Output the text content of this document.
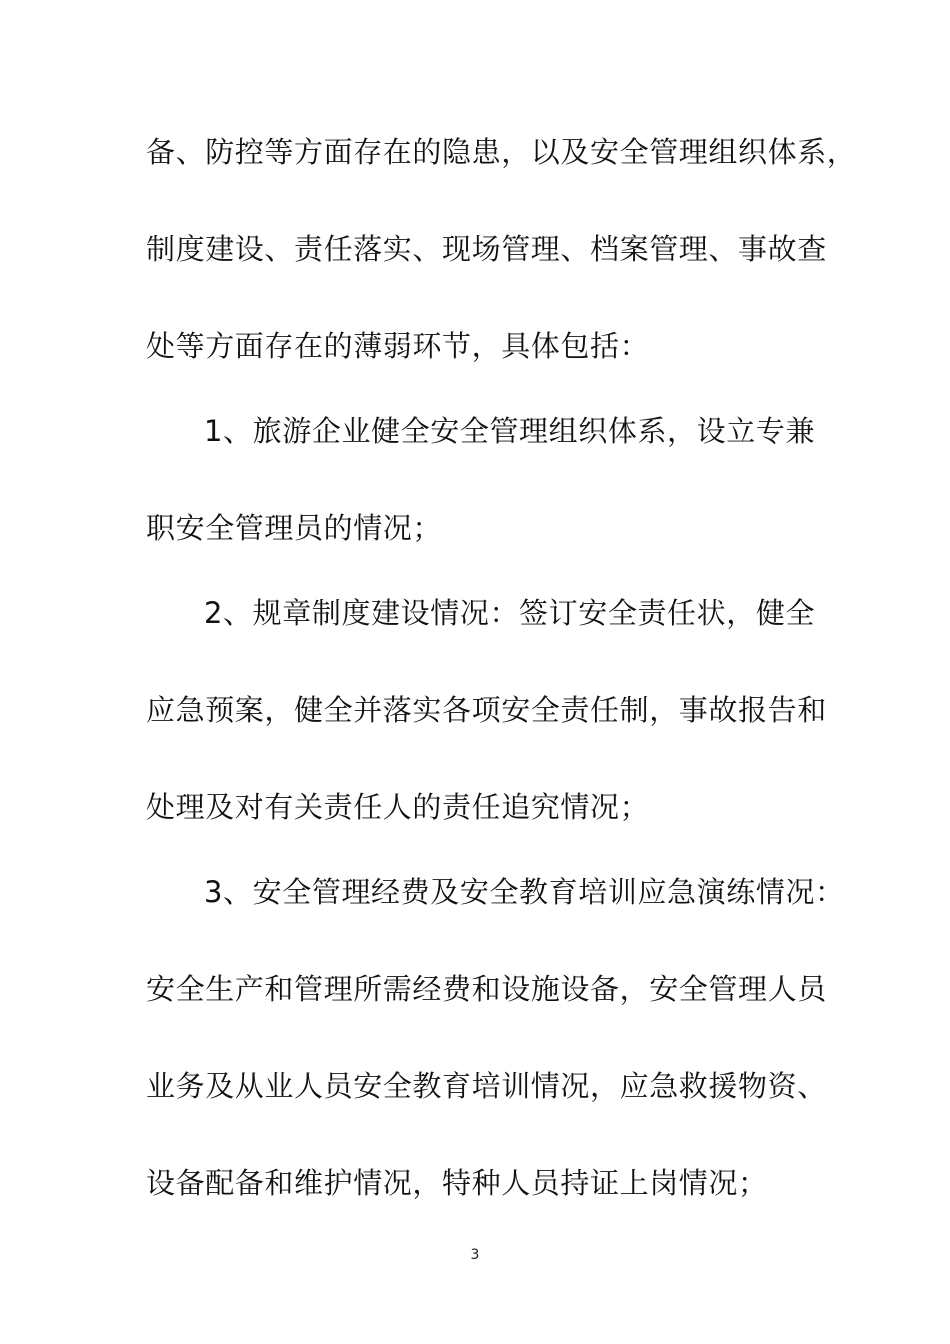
备、防控等方面存在的隐患，以及安全管理组织体系，
制度建设、责任落实、现场管理、档案管理、事故查
处等方面存在的薄弱环节，具体包括：
1、旅游企业健全安全管理组织体系，设立专兼
职安全管理员的情况；
2、规章制度建设情况：签订安全责任状，健全
应急预案，健全并落实各项安全责任制，事故报告和
处理及对有关责任人的责任追究情况；
3、安全管理经费及安全教育培训应急演练情况：
安全生产和管理所需经费和设施设备，安全管理人员
业务及从业人员安全教育培训情况，应急救援物资、
设备配备和维护情况，特种人员持证上岗情况；
3
